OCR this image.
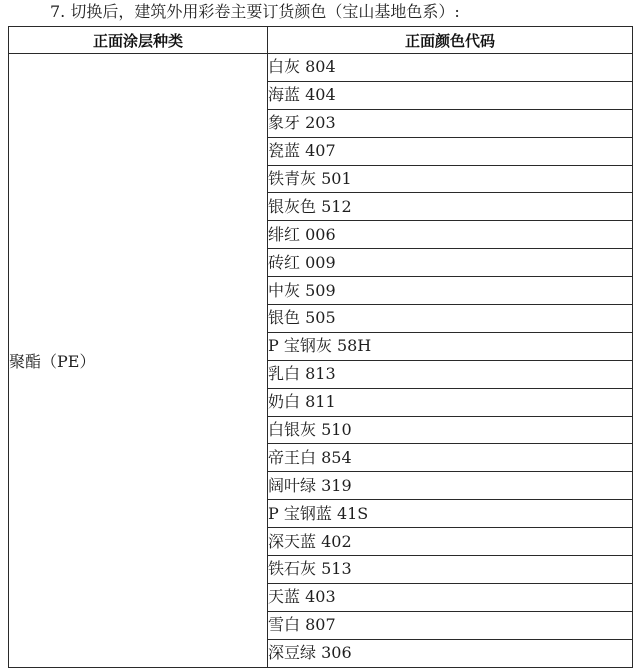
7. 切换后，建筑外用彩卷主要订货颜色（宝山基地色系）:
正面涂层种类	正面颜色代码
聚酯（PE）	白灰 804
	海蓝 404
	象牙 203
	瓷蓝 407
	铁青灰 501
	银灰色 512
	绯红 006
	砖红 009
	中灰 509
	银色 505
	P 宝钢灰 58H
	乳白 813
	奶白 811
	白银灰 510
	帝王白 854
	阔叶绿 319
	P 宝钢蓝 41S
	深天蓝 402
	铁石灰 513
	天蓝 403
	雪白 807
	深豆绿 306
